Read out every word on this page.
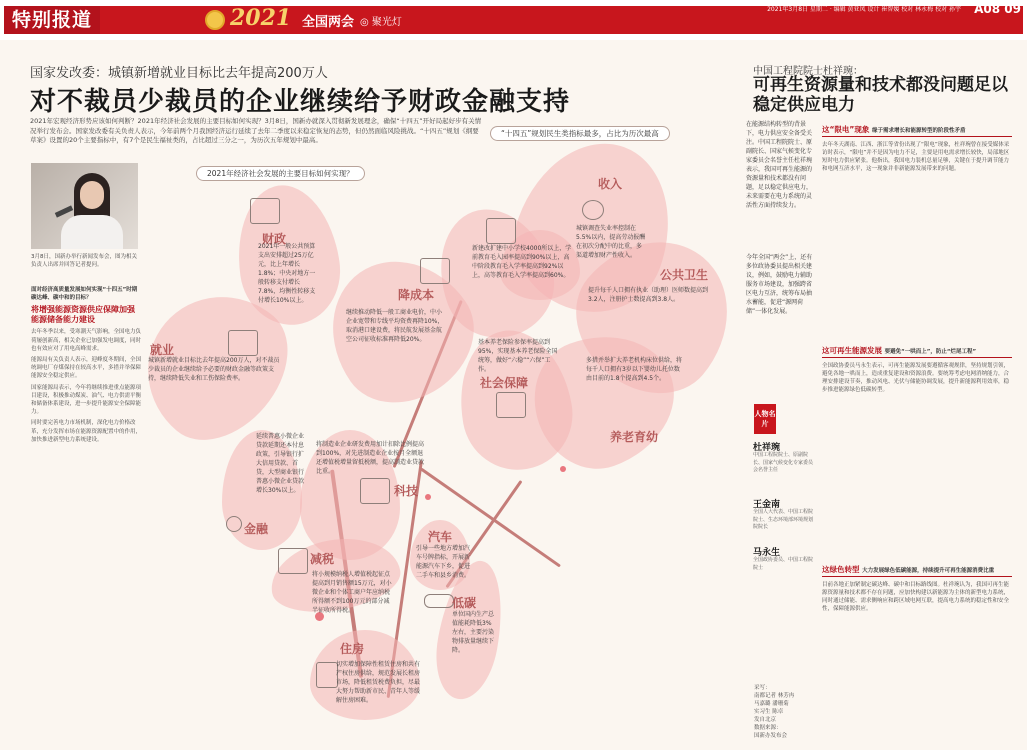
特别报道	2021 全国两会 ◎ 聚光灯
2021年3月8日 星期二 · 编辑 黄亚凤 设计 崔智媛 校对 林永梅 校对 孙宇 A08 09
国家发改委：城镇新增就业目标比去年提高200万人
对不裁员少裁员的企业继续给予财政金融支持
2021年宏观经济形势应该如何判断？2021年经济社会发展的主要目标如何实现？3月8日，国新办就深入贯彻新发展理念，确保“十四五”开好局起好步有关情况举行发布会。国家发改委有关负责人表示，今年前两个月我国经济运行延续了去年二季度以来稳定恢复的态势，但仍然面临风险挑战。“十四五”规划《纲要草案》设置的20个主要指标中，有7个是民生福祉类的，占比超过三分之一，为历次五年规划中最高。
3月8日，国新办举行新闻发布会，图为相关负责人出席并回答记者提问。

面对经济高质量发展如何实现“十四五”时期碳达峰、碳中和的目标？

将增强能源资源供应保障加强能源储备能力建设

去年冬季以来，受寒潮天气影响，全国电力负荷屡创新高，相关企业已加强发电调度，同时也有效应对了用电高峰需求。

能源局有关负责人表示，迎峰度冬期间，全国统调电厂存煤保持在较高水平，多措并举保障能源安全稳定供应。

国家能源局表示，今年将继续推进重点能源项目建设，积极推动煤炭、油气、电力供需平衡和储备体系建设，进一步提升能源安全保障能力。

同时要完善电力市场机制，深化电力价格改革，充分发挥市场在能源资源配置中的作用，加快推进新型电力系统建设。

“十四五”规划民生类指标最多，占比为历次最高
2021年经济社会发展的主要目标如何实现？
财政
2021年一般公共预算支出安排超过25万亿元，比上年增长1.8%；中央对地方一般转移支付增长7.8%，均衡性转移支付增长10%以上。	降成本
继续推动降低一般工商业电价，中小企业宽带和专线平均资费再降10%，取消港口建设费，将民航发展基金航空公司征收标准再降低20%。
就业
城镇新增就业目标比去年提高200万人，对不裁员少裁员的企业继续给予必要的财政金融等政策支持，继续降低失业和工伤保险费率。
新建改扩建中小学校4000所以上，学前教育毛入园率提高到90%以上，高中阶段教育毛入学率提高到92%以上，高等教育毛入学率提高到60%。
收入
城镇调查失业率控制在5.5%以内，提高劳动报酬在初次分配中的比重，多渠道增加财产性收入。
公共卫生
提升每千人口拥有执业（助理）医师数提高到3.2人，注册护士数提高到3.8人。
基本养老保险参保率提高到95%，实现基本养老保险全国统筹，做好“六稳”“六保”工作。
社会保障
多措并举扩大养老机构床位供给，将每千人口拥有3岁以下婴幼儿托位数由目前的1.8个提高到4.5个。
养老育幼
延续普惠小微企业贷款延期还本付息政策，引导银行扩大信用贷款、首贷，大型商业银行普惠小微企业贷款增长30%以上。
金融
将制造业企业研发费用加计扣除比例提高到100%，对先进制造业企业按月全额退还增值税增量留抵税额，提高制造业贷款比重。
科技
减税
将小规模纳税人增值税起征点提高到月销售额15万元，对小微企业和个体工商户年应纳税所得额不到100万元的部分减半征收所得税。
汽车
引导一些地方增加汽车号牌指标，开展新能源汽车下乡，促进二手车和县乡消费。
低碳
单位国内生产总值能耗降低3%左右，主要污染物排放量继续下降。
住房
切实增加保障性租赁住房和共有产权住房供给，规范发展长租房市场，降低租赁税费负担，尽最大努力帮助新市民、青年人等缓解住房困难。
中国工程院院士杜祥琬：
可再生资源量和技术都没问题足以稳定供应电力
在能源结构转型的背景下，电力供应安全备受关注。中国工程院院士、原副院长、国家气候变化专家委员会名誉主任杜祥琬表示，我国可再生能源的资源量和技术都没有问题，足以稳定供应电力，未来需要在电力系统的灵活性方面持续发力。
今年全国“两会”上，还有多位政协委员提出相关建议，例如，鼓励电力辅助服务市场建设，加强跨省区电力互济，统筹布局抽水蓄能，促进“源网荷储”一体化发展。
这“限电”现象 缘于需求增长和能源转型的阶段性矛盾
去年冬天湖南、江西、浙江等省份出现了“限电”现象，杜祥琬曾在接受媒体采访时表示，“限电”并不是因为电力不足，主要是用电需求增长较快，局部地区短时电力供应紧张。他指出，我国电力装机总量足够，关键在于提升调节能力和电网互济水平，这一现象并非新能源发展带来的问题。
这可再生能源发展 要避免“一哄而上”，防止“烂尾工程”
全国政协委员马永生表示，可再生能源发展要遵循客观规律，坚持规划引领，避免各地一哄而上，造成重复建设和资源浪费。要统筹考虑电网消纳能力，合理安排建设节奏，推动风电、光伏与储能协调发展，提升新能源利用效率，稳步推进能源绿色低碳转型。
这绿色转型 大力发展绿色低碳能源，持续提升可再生能源消费比重
目前各地正加紧制定碳达峰、碳中和目标路线图。杜祥琬认为，我国可再生能源资源量和技术都不存在问题，应加快构建以新能源为主体的新型电力系统，同时通过储能、需求侧响应和跨区域电网互联，提高电力系统的稳定性和安全性，保障能源供应。
人物名片
杜祥琬
中国工程院院士、原副院长、国家气候变化专家委员会名誉主任
王金南
全国人大代表、中国工程院院士、生态环境部环境规划院院长
马永生
全国政协委员、中国工程院院士
采写：
南都记者 林芳冉
马嘉璐 潘珊菊
实习生 陈卓
发自北京
数据来源：
国新办发布会
